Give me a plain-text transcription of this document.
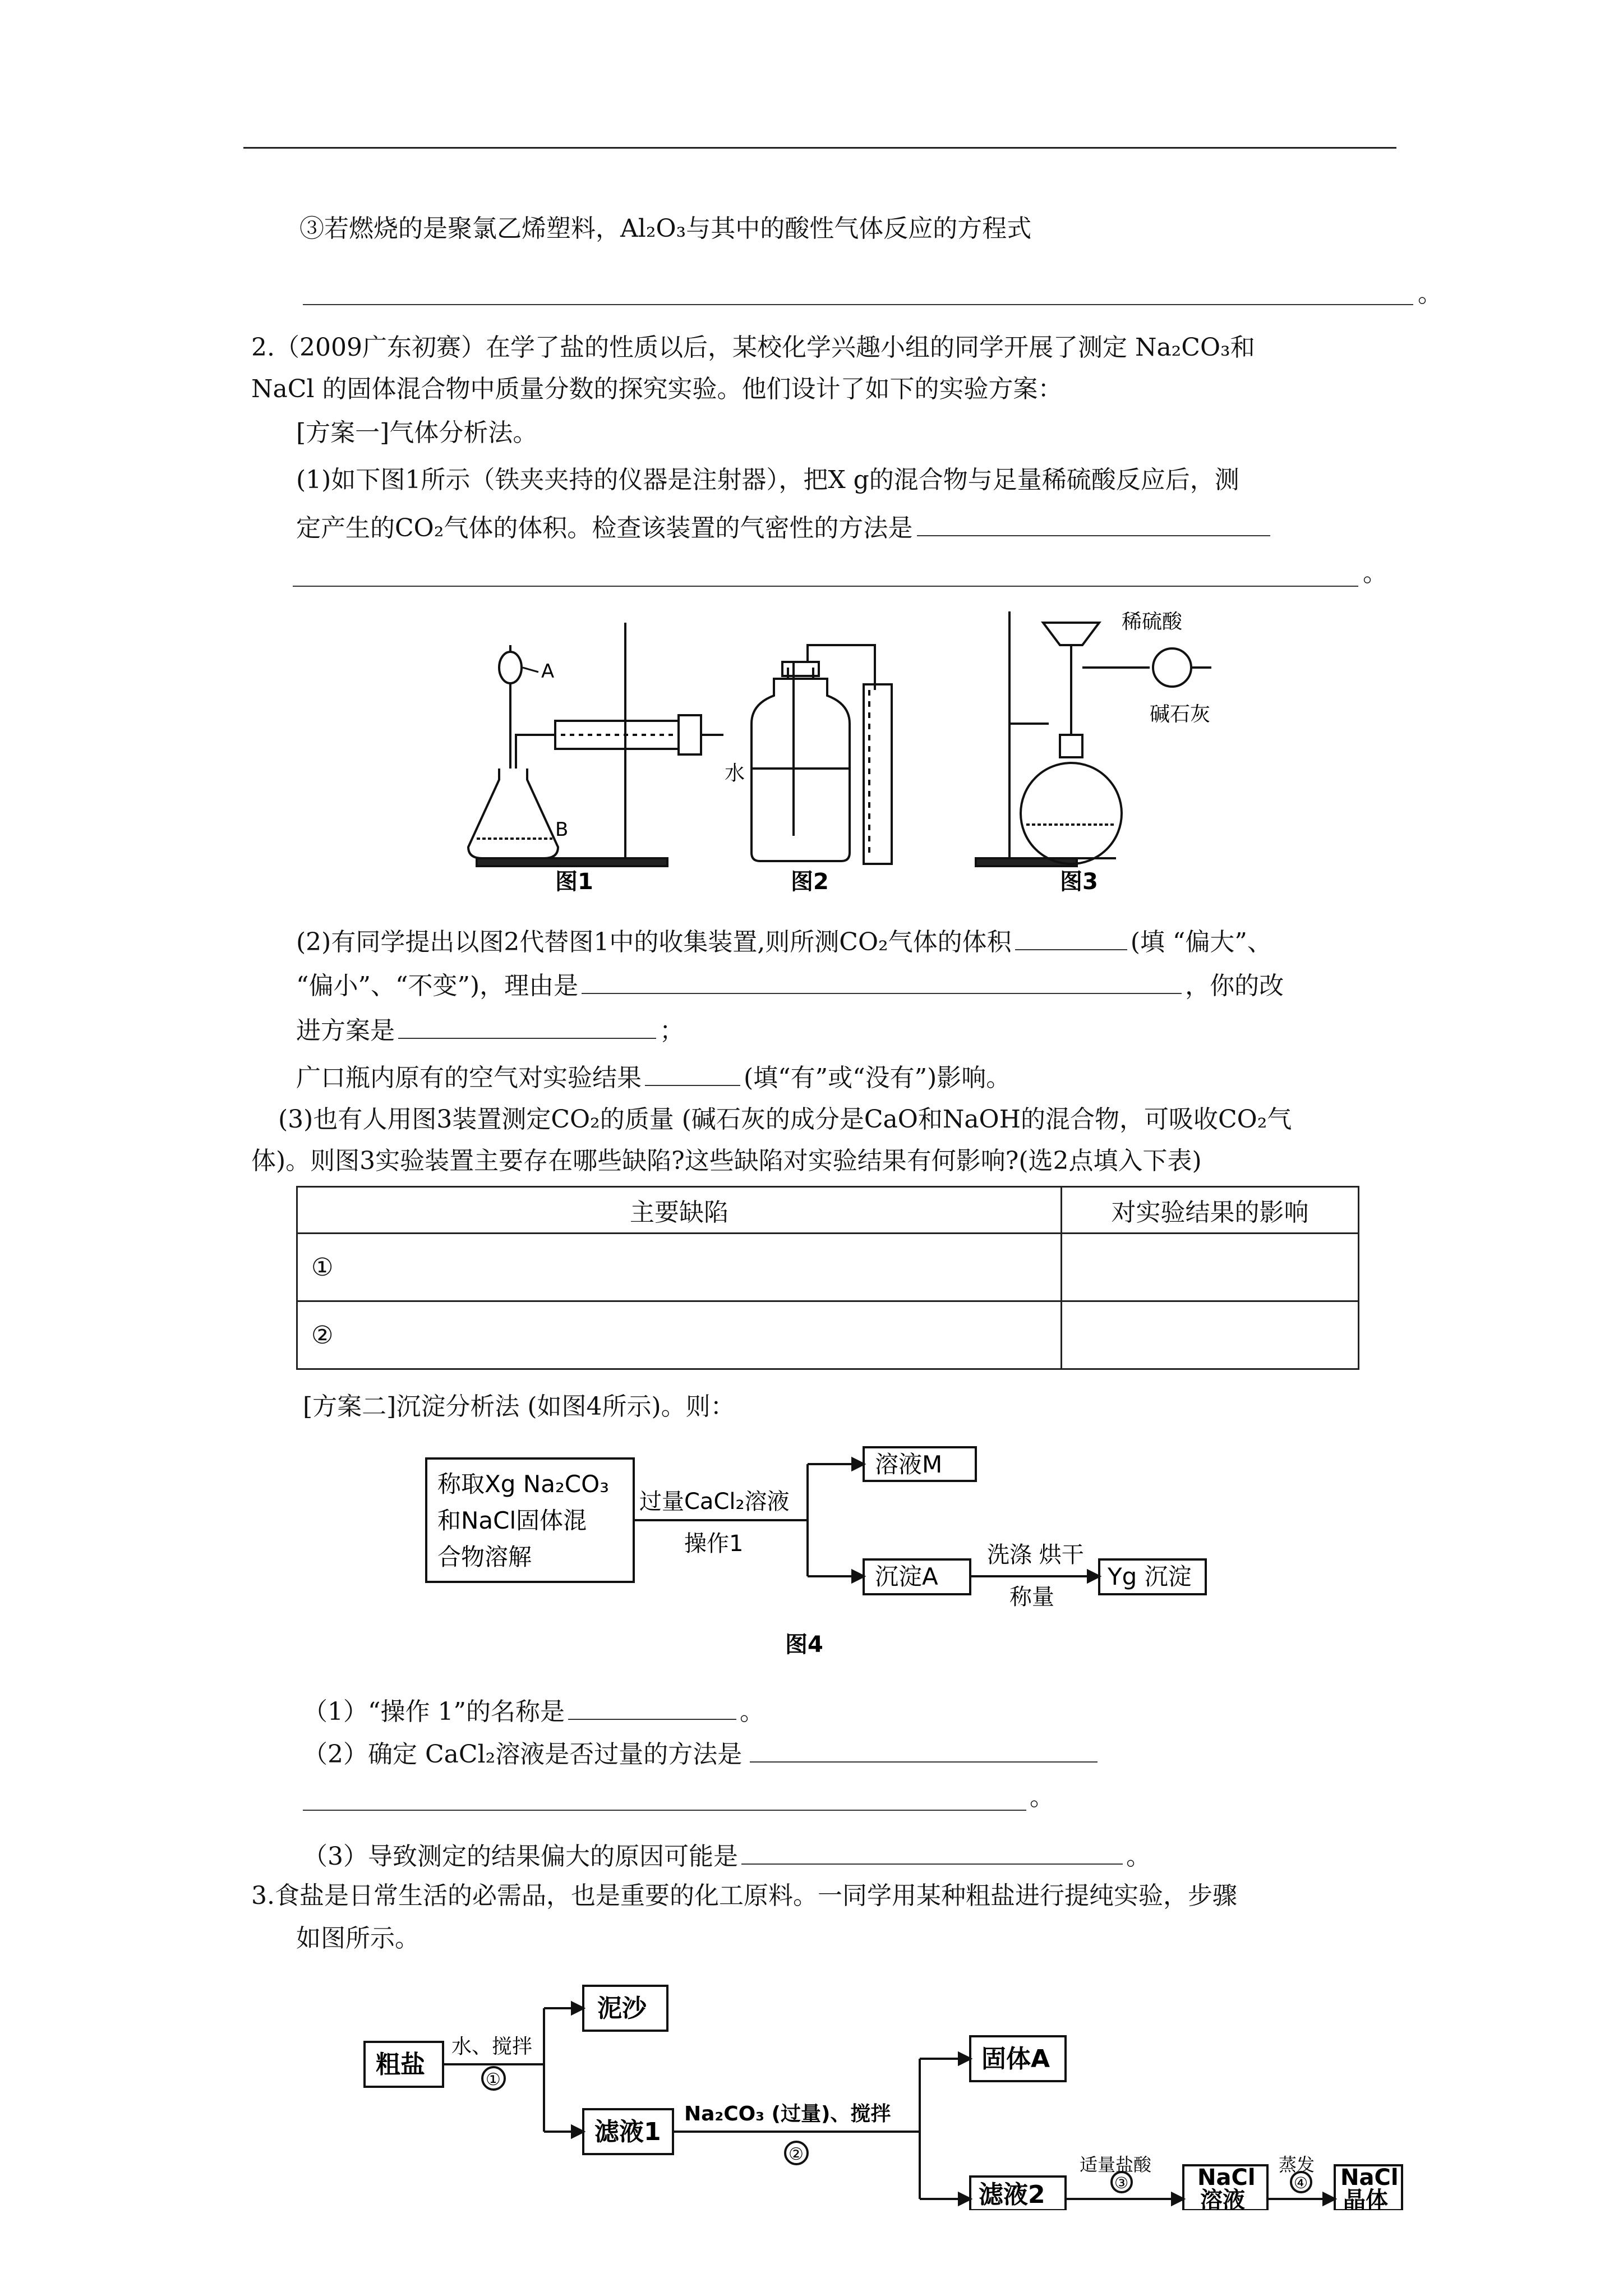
③若燃烧的是聚氯乙烯塑料，Al₂O₃与其中的酸性气体反应的方程式
。
2.（2009广东初赛）在学了盐的性质以后，某校化学兴趣小组的同学开展了测定 Na₂CO₃和
NaCl 的固体混合物中质量分数的探究实验。他们设计了如下的实验方案：
[方案一]气体分析法。
(1)如下图1所示（铁夹夹持的仪器是注射器），把X g的混合物与足量稀硫酸反应后，测
定产生的CO₂气体的体积。检查该装置的气密性的方法是
。
A
B
图1
水
图2
稀硫酸
碱石灰
图3
(2)有同学提出以图2代替图1中的收集装置,则所测CO₂气体的体积	(填 “偏大”、
“偏小”、“不变”)，理由是	，你的改
进方案是	；
广口瓶内原有的空气对实验结果	(填“有”或“没有”)影响。
(3)也有人用图3装置测定CO₂的质量 (碱石灰的成分是CaO和NaOH的混合物，可吸收CO₂气
体)。则图3实验装置主要存在哪些缺陷?这些缺陷对实验结果有何影响?(选2点填入下表)
主要缺陷	对实验结果的影响
①	
②	
[方案二]沉淀分析法 (如图4所示)。则：
称取Xg Na₂CO₃
和NaCl固体混
合物溶解
过量CaCl₂溶液
操作1
溶液M
沉淀A
洗涤 烘干
称量
Yg 沉淀
图4
（1）“操作 1”的名称是	。
（2）确定 CaCl₂溶液是否过量的方法是
。
（3）导致测定的结果偏大的原因可能是	。
3.食盐是日常生活的必需品，也是重要的化工原料。一同学用某种粗盐进行提纯实验，步骤
如图所示。
粗盐
水、搅拌
①
泥沙
滤液1
Na₂CO₃ (过量)、搅拌
②
固体A
滤液2
适量盐酸
③	NaCl
溶液
蒸发
④ NaCl
晶体
